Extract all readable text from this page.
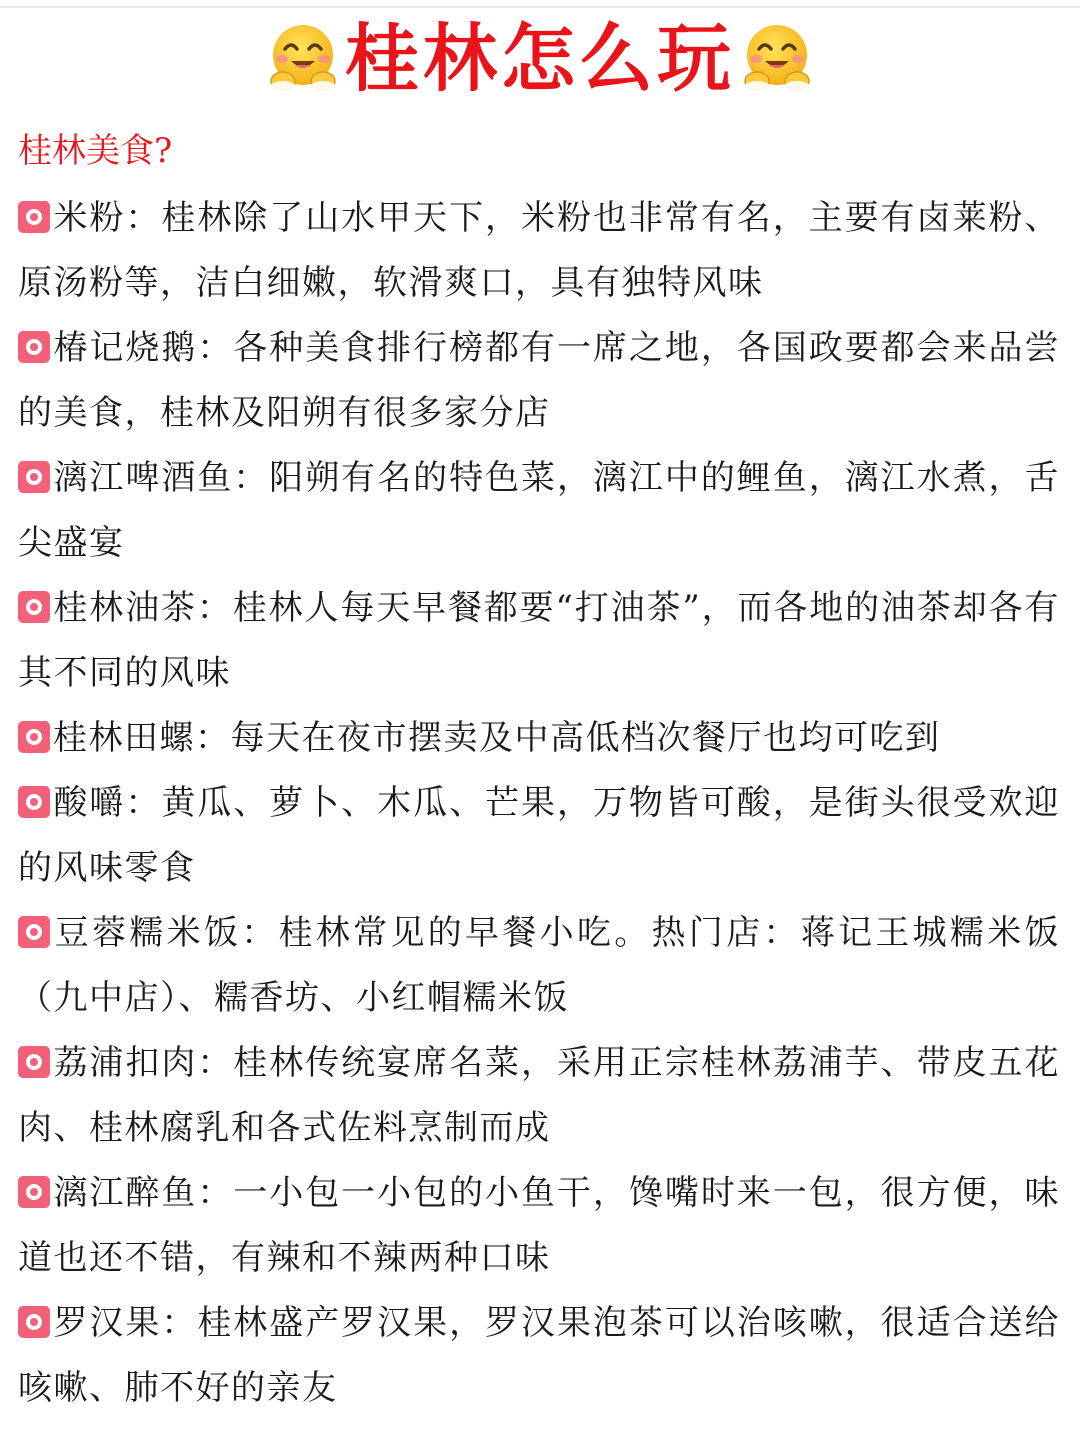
桂林怎么玩
桂林美食?

米粉：桂林除了山水甲天下，米粉也非常有名，主要有卤莱粉、原汤粉等，洁白细嫩，软滑爽口，具有独特风味

椿记烧鹅：各种美食排行榜都有一席之地，各国政要都会来品尝的美食，桂林及阳朔有很多家分店

漓江啤酒鱼：阳朔有名的特色菜，漓江中的鲤鱼，漓江水煮，舌尖盛宴

桂林油茶：桂林人每天早餐都要“打油茶”，而各地的油茶却各有其不同的风味

桂林田螺：每天在夜市摆卖及中高低档次餐厅也均可吃到

酸嚼：黄瓜、萝卜、木瓜、芒果，万物皆可酸，是街头很受欢迎的风味零食

豆蓉糯米饭：桂林常见的早餐小吃。热门店：蒋记王城糯米饭（九中店）、糯香坊、小红帽糯米饭

荔浦扣肉：桂林传统宴席名菜，采用正宗桂林荔浦芋、带皮五花肉、桂林腐乳和各式佐料烹制而成

漓江醉鱼：一小包一小包的小鱼干，馋嘴时来一包，很方便，味道也还不错，有辣和不辣两种口味

罗汉果：桂林盛产罗汉果，罗汉果泡茶可以治咳嗽，很适合送给咳嗽、肺不好的亲友
